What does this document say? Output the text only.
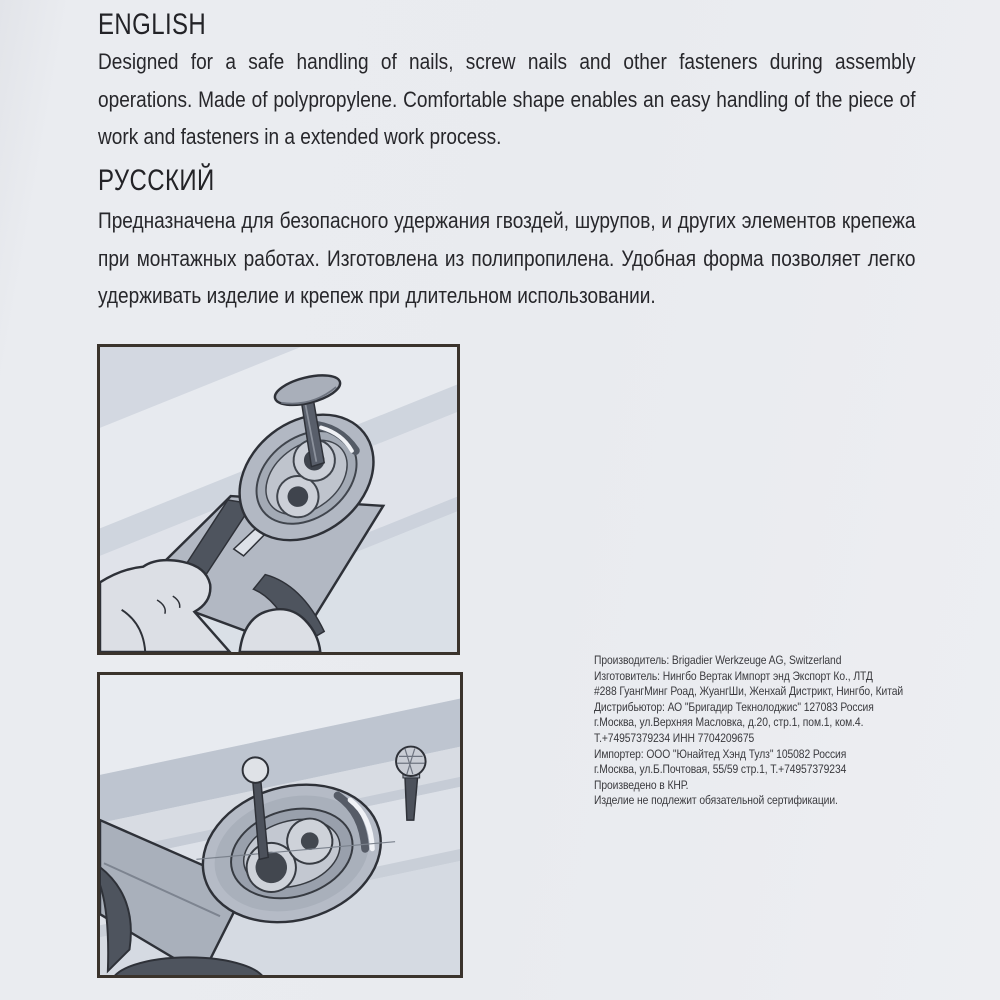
ENGLISH

Designed for a safe handling of nails, screw nails and other fasteners during assembly operations. Made of polypropylene. Comfortable shape enables an easy handling of the piece of work and fasteners in a extended work process.

РУССКИЙ

Предназначена для безопасного удержания гвоздей, шурупов, и других элементов крепежа при монтажных работах. Изготовлена из полипропилена. Удобная форма позволяет легко удерживать изделие и крепеж при длительном использовании.

Производитель: Brigadier Werkzeuge AG, Switzerland
Изготовитель: Нингбо Вертак Импорт энд Экспорт Ко., ЛТД
#288 ГуангМинг Роад, ЖуангШи, Женхай Дистрикт, Нингбо, Китай
Дистрибьютор: АО "Бригадир Текнолоджис" 127083 Россия
г.Москва, ул.Верхняя Масловка, д.20, стр.1, пом.1, ком.4.
Т.+74957379234 ИНН 7704209675
Импортер: ООО "Юнайтед Хэнд Тулз" 105082 Россия
г.Москва, ул.Б.Почтовая, 55/59 стр.1, Т.+74957379234
Произведено в КНР.
Изделие не подлежит обязательной сертификации.
